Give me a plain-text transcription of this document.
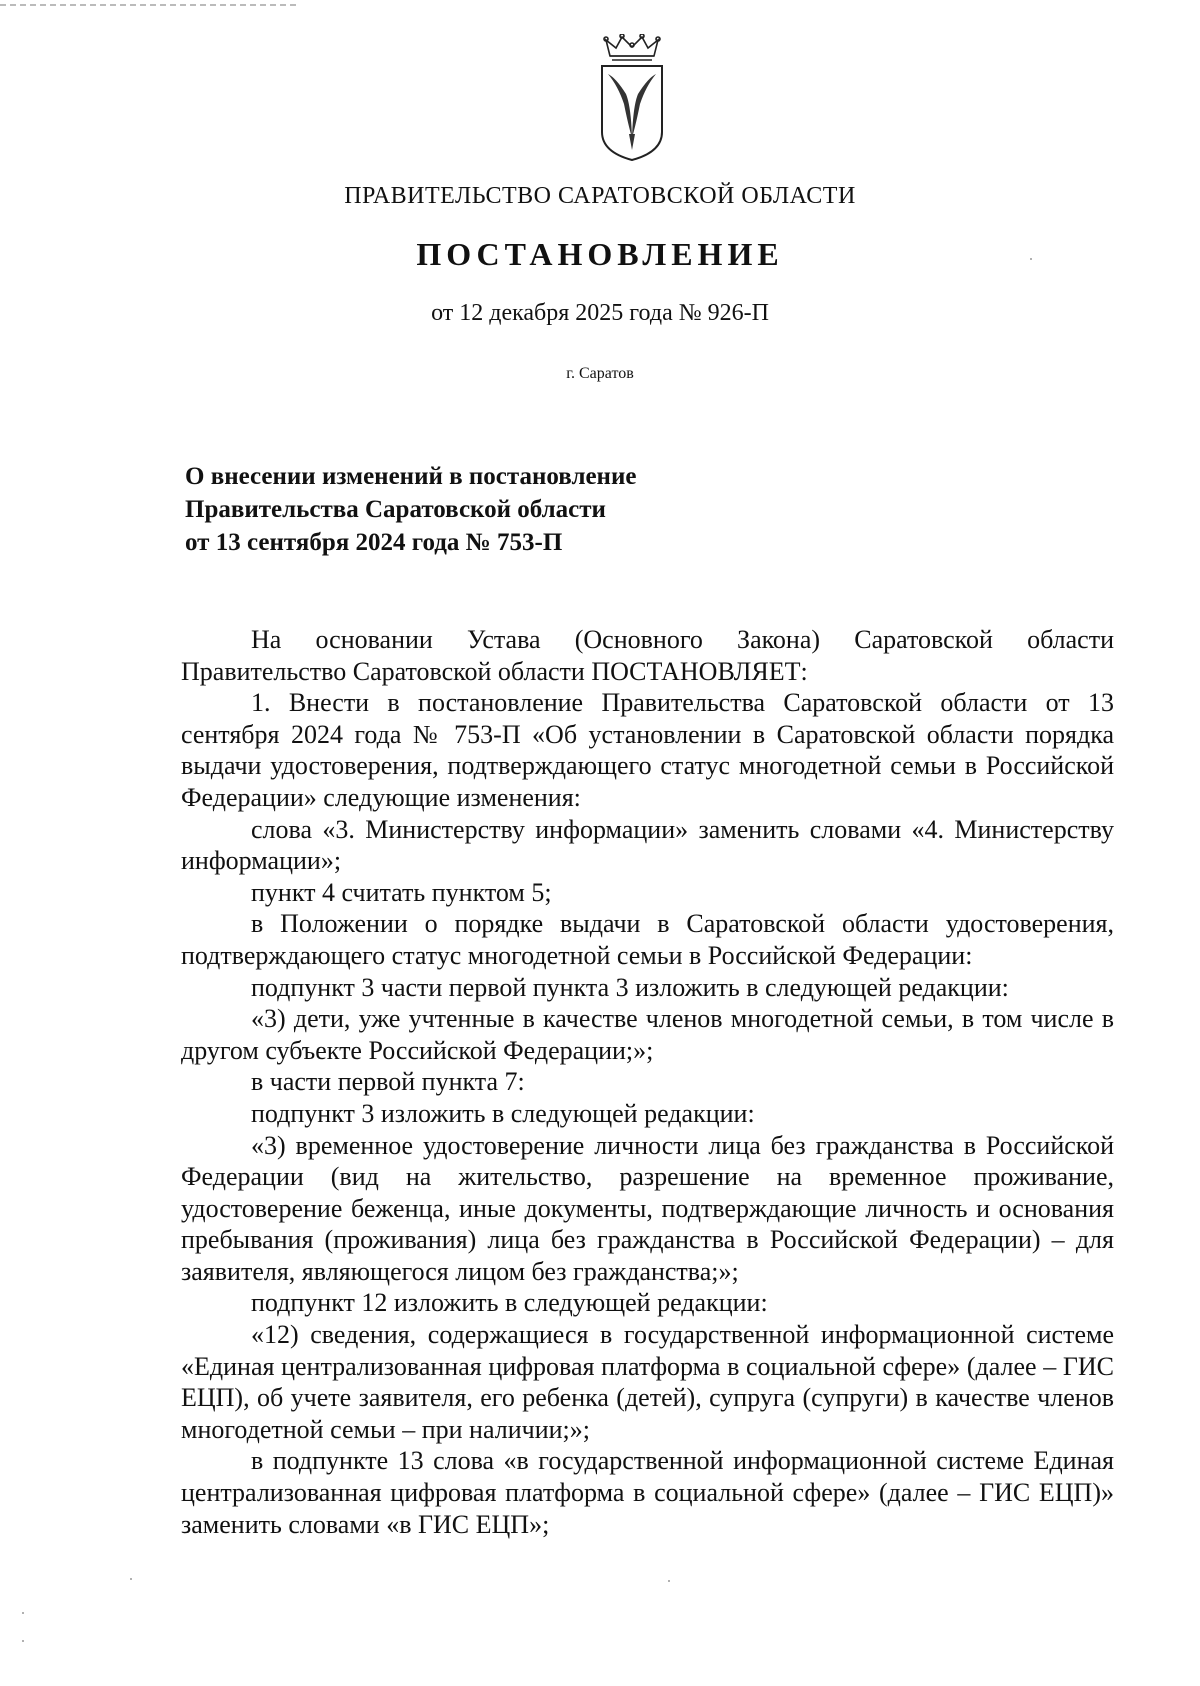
ПРАВИТЕЛЬСТВО САРАТОВСКОЙ ОБЛАСТИ
ПОСТАНОВЛЕНИЕ
от 12 декабря 2025 года № 926-П
г. Саратов
О внесении изменений в постановление
Правительства Саратовской области
от 13 сентября 2024 года № 753-П

На основании Устава (Основного Закона) Саратовской области Правительство Саратовской области ПОСТАНОВЛЯЕТ:

1. Внести в постановление Правительства Саратовской области от 13 сентября 2024 года № 753-П «Об установлении в Саратовской области порядка выдачи удостоверения, подтверждающего статус многодетной семьи в Российской Федерации» следующие изменения:

слова «3. Министерству информации» заменить словами «4. Министерству информации»;

пункт 4 считать пунктом 5;

в Положении о порядке выдачи в Саратовской области удостоверения, подтверждающего статус многодетной семьи в Российской Федерации:

подпункт 3 части первой пункта 3 изложить в следующей редакции:

«3) дети, уже учтенные в качестве членов многодетной семьи, в том числе в другом субъекте Российской Федерации;»;

в части первой пункта 7:

подпункт 3 изложить в следующей редакции:

«3) временное удостоверение личности лица без гражданства в Российской Федерации (вид на жительство, разрешение на временное проживание, удостоверение беженца, иные документы, подтверждающие личность и основания пребывания (проживания) лица без гражданства в Российской Федерации) – для заявителя, являющегося лицом без гражданства;»;

подпункт 12 изложить в следующей редакции:

«12) сведения, содержащиеся в государственной информационной системе «Единая централизованная цифровая платформа в социальной сфере» (далее – ГИС ЕЦП), об учете заявителя, его ребенка (детей), супруга (супруги) в качестве членов многодетной семьи – при наличии;»;

в подпункте 13 слова «в государственной информационной системе Единая централизованная цифровая платформа в социальной сфере» (далее – ГИС ЕЦП)» заменить словами «в ГИС ЕЦП»;
